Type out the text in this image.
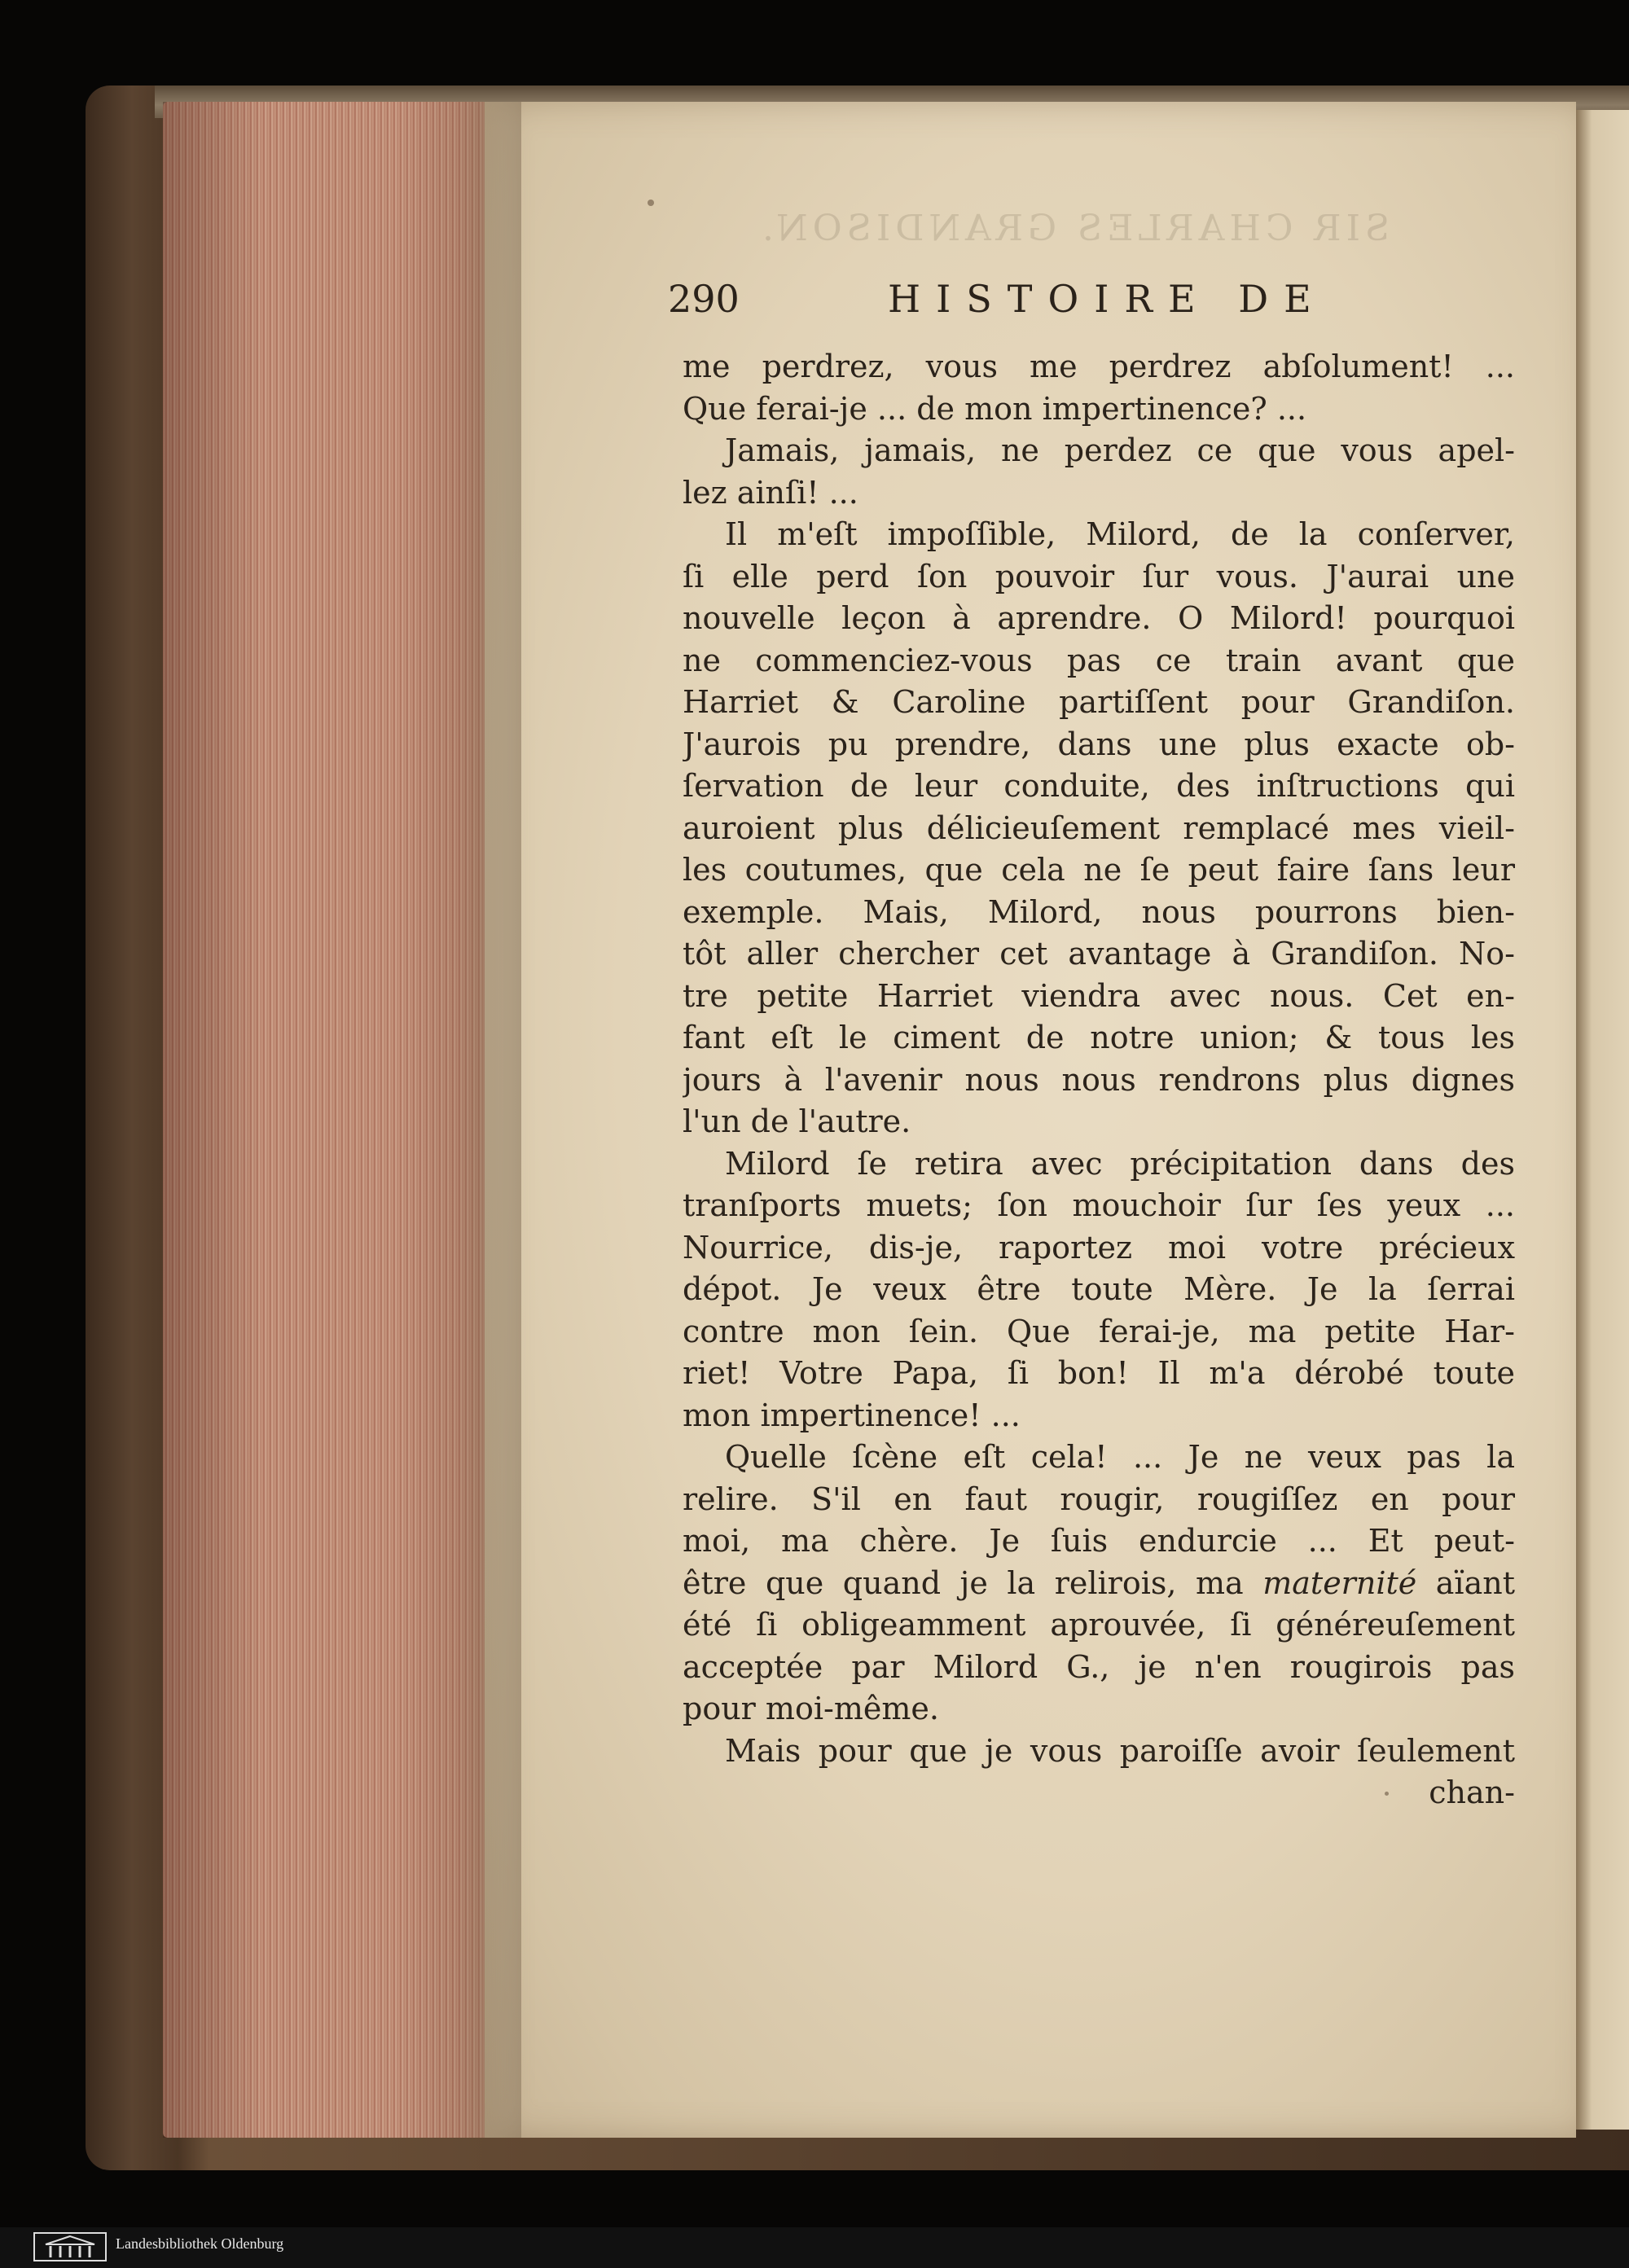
SIR CHARLES GRANDISON.
290	HISTOIRE DE
me perdrez, vous me perdrez abſolument! ...
Que ferai-je ... de mon impertinence? ...
Jamais, jamais, ne perdez ce que vous apel-
lez ainſi! ...
Il m'eſt impoſſible, Milord, de la conſerver,
ſi elle perd ſon pouvoir ſur vous. J'aurai une
nouvelle leçon à aprendre. O Milord! pourquoi
ne commenciez-vous pas ce train avant que
Harriet & Caroline partiſſent pour Grandiſon.
J'aurois pu prendre, dans une plus exacte ob-
ſervation de leur conduite, des inſtructions qui
auroient plus délicieuſement remplacé mes vieil-
les coutumes, que cela ne ſe peut faire ſans leur
exemple. Mais, Milord, nous pourrons bien-
tôt aller chercher cet avantage à Grandiſon. No-
tre petite Harriet viendra avec nous. Cet en-
fant eſt le ciment de notre union; & tous les
jours à l'avenir nous nous rendrons plus dignes
l'un de l'autre.
Milord ſe retira avec précipitation dans des
tranſports muets; ſon mouchoir ſur ſes yeux ...
Nourrice, dis-je, raportez moi votre précieux
dépot. Je veux être toute Mère. Je la ſerrai
contre mon ſein. Que ferai-je, ma petite Har-
riet! Votre Papa, ſi bon! Il m'a dérobé toute
mon impertinence! ...
Quelle ſcène eſt cela! ... Je ne veux pas la
relire. S'il en faut rougir, rougiſſez en pour
moi, ma chère. Je ſuis endurcie ... Et peut-
être que quand je la relirois, ma maternité aïant
été ſi obligeamment aprouvée, ſi généreuſement
acceptée par Milord G., je n'en rougirois pas
pour moi-même.
Mais pour que je vous paroiſſe avoir ſeulement
chan-
Landesbibliothek Oldenburg
